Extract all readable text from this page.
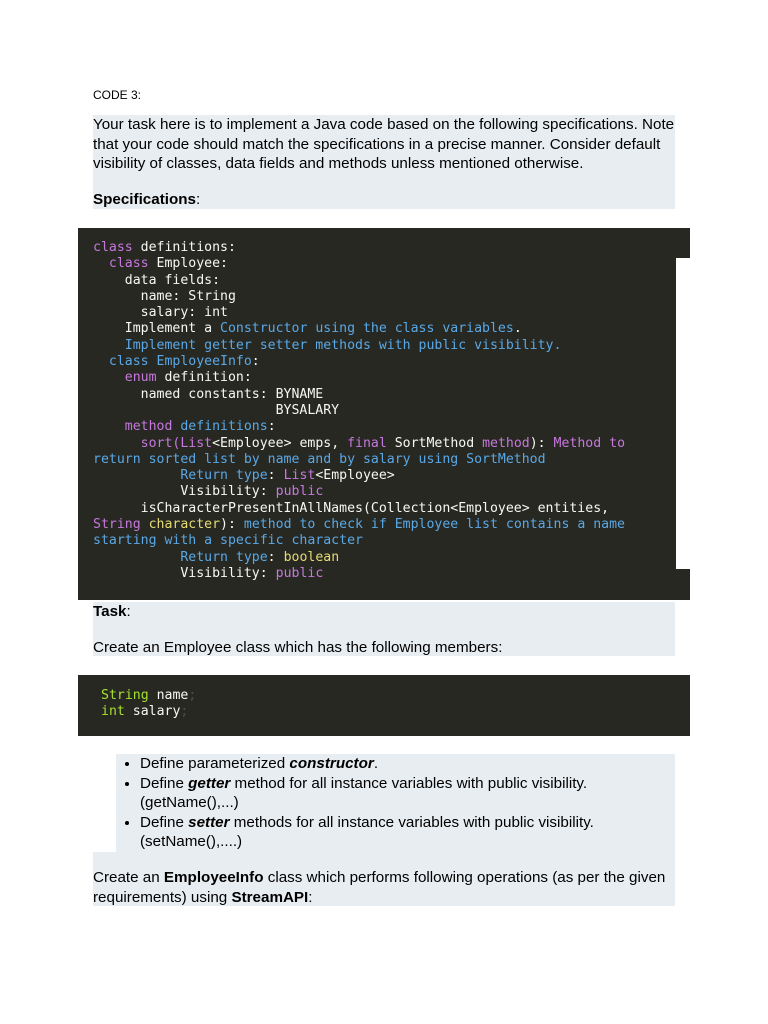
CODE 3:

Your task here is to implement a Java code based on the following specifications. Note that your code should match the specifications in a precise manner. Consider default visibility of classes, data fields and methods unless mentioned otherwise.

Specifications:

class definitions:
class Employee:
data fields:
name: String
salary: int
Implement a Constructor using the class variables.
Implement getter setter methods with public visibility.
class EmployeeInfo:
enum definition:
named constants: BYNAME
BYSALARY
method definitions:
sort(List<Employee> emps, final SortMethod method): Method to
return sorted list by name and by salary using SortMethod
Return type: List<Employee>
Visibility: public
isCharacterPresentInAllNames(Collection<Employee> entities,
String character): method to check if Employee list contains a name
starting with a specific character
Return type: boolean
Visibility: public

Task:

Create an Employee class which has the following members:

String name;
int salary;
• Define parameterized constructor.
• Define getter method for all instance variables with public visibility. (getName(),...)
• Define setter methods for all instance variables with public visibility. (setName(),....)

Create an EmployeeInfo class which performs following operations (as per the given requirements) using StreamAPI:
